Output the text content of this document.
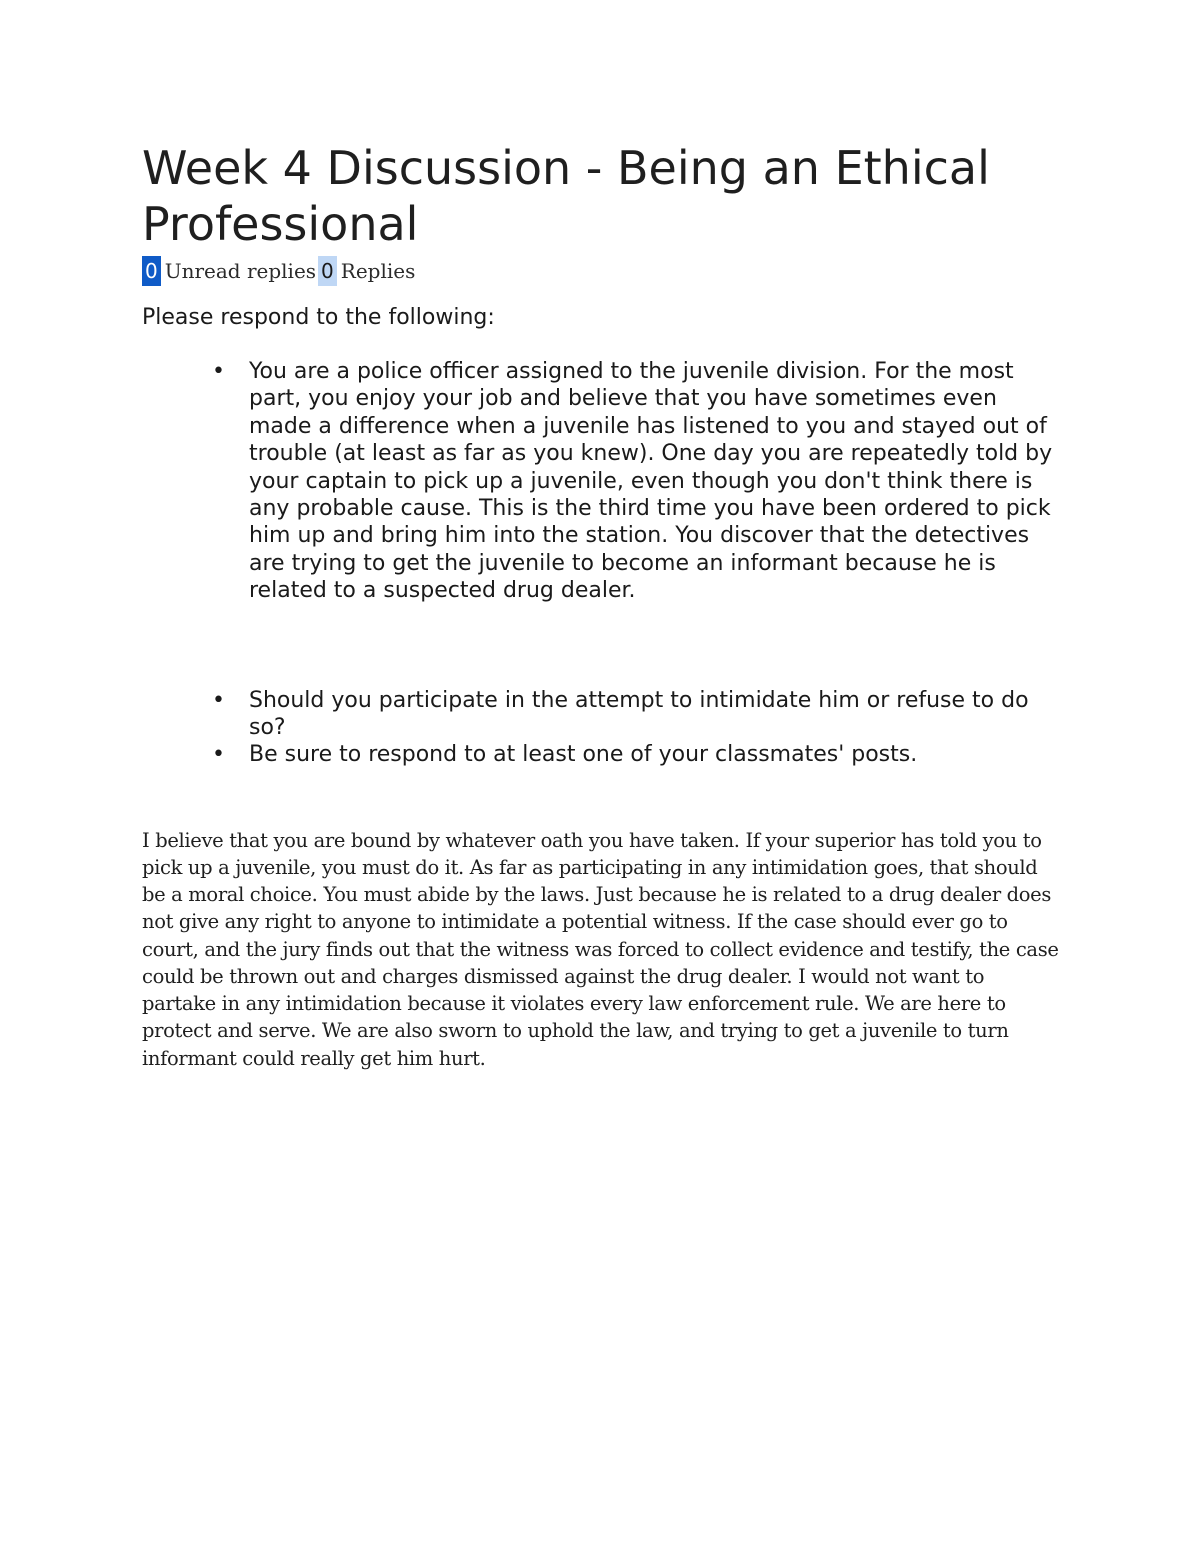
Week 4 Discussion - Being an Ethical Professional
0 Unread replies 0 Replies

Please respond to the following:

• You are a police officer assigned to the juvenile division. For the most part, you enjoy your job and believe that you have sometimes even made a difference when a juvenile has listened to you and stayed out of trouble (at least as far as you knew). One day you are repeatedly told by your captain to pick up a juvenile, even though you don't think there is any probable cause. This is the third time you have been ordered to pick him up and bring him into the station. You discover that the detectives are trying to get the juvenile to become an informant because he is related to a suspected drug dealer.
• Should you participate in the attempt to intimidate him or refuse to do so?
• Be sure to respond to at least one of your classmates' posts.
I believe that you are bound by whatever oath you have taken. If your superior has told you to pick up a juvenile, you must do it. As far as participating in any intimidation goes, that should be a moral choice. You must abide by the laws. Just because he is related to a drug dealer does not give any right to anyone to intimidate a potential witness. If the case should ever go to court, and the jury finds out that the witness was forced to collect evidence and testify, the case could be thrown out and charges dismissed against the drug dealer. I would not want to partake in any intimidation because it violates every law enforcement rule. We are here to protect and serve. We are also sworn to uphold the law, and trying to get a juvenile to turn informant could really get him hurt.
